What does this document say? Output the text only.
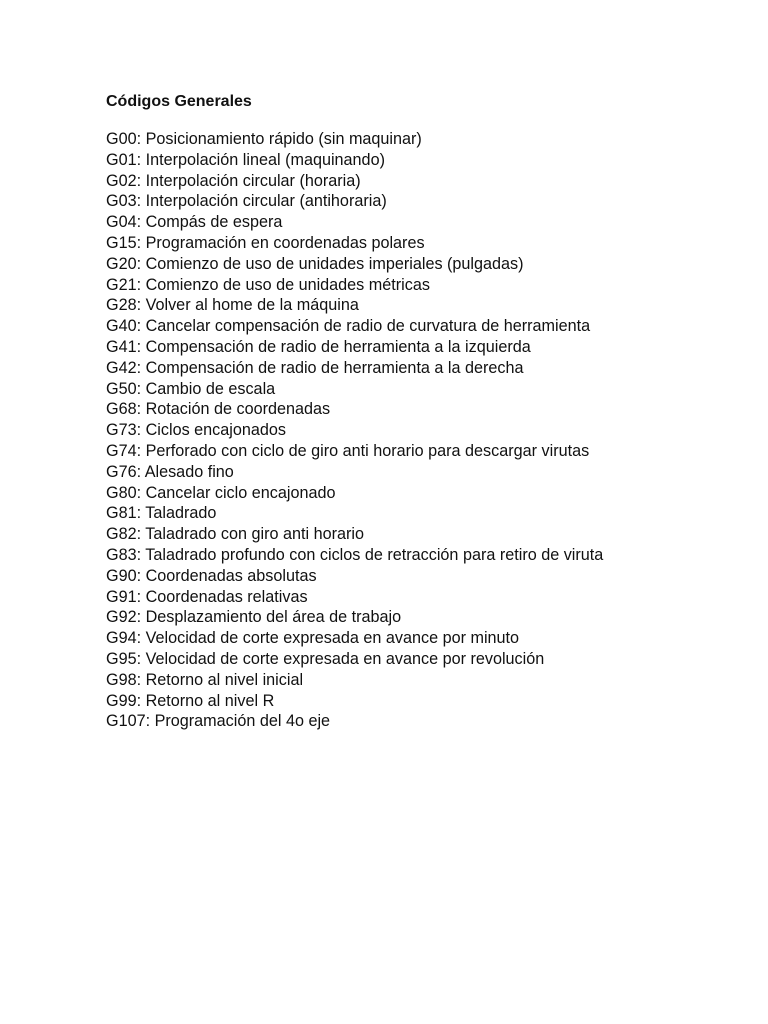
Códigos Generales
G00: Posicionamiento rápido (sin maquinar)
G01: Interpolación lineal (maquinando)
G02: Interpolación circular (horaria)
G03: Interpolación circular (antihoraria)
G04: Compás de espera
G15: Programación en coordenadas polares
G20: Comienzo de uso de unidades imperiales (pulgadas)
G21: Comienzo de uso de unidades métricas
G28: Volver al home de la máquina
G40: Cancelar compensación de radio de curvatura de herramienta
G41: Compensación de radio de herramienta a la izquierda
G42: Compensación de radio de herramienta a la derecha
G50: Cambio de escala
G68: Rotación de coordenadas
G73: Ciclos encajonados
G74: Perforado con ciclo de giro anti horario para descargar virutas
G76: Alesado fino
G80: Cancelar ciclo encajonado
G81: Taladrado
G82: Taladrado con giro anti horario
G83: Taladrado profundo con ciclos de retracción para retiro de viruta
G90: Coordenadas absolutas
G91: Coordenadas relativas
G92: Desplazamiento del área de trabajo
G94: Velocidad de corte expresada en avance por minuto
G95: Velocidad de corte expresada en avance por revolución
G98: Retorno al nivel inicial
G99: Retorno al nivel R
G107: Programación del 4o eje
